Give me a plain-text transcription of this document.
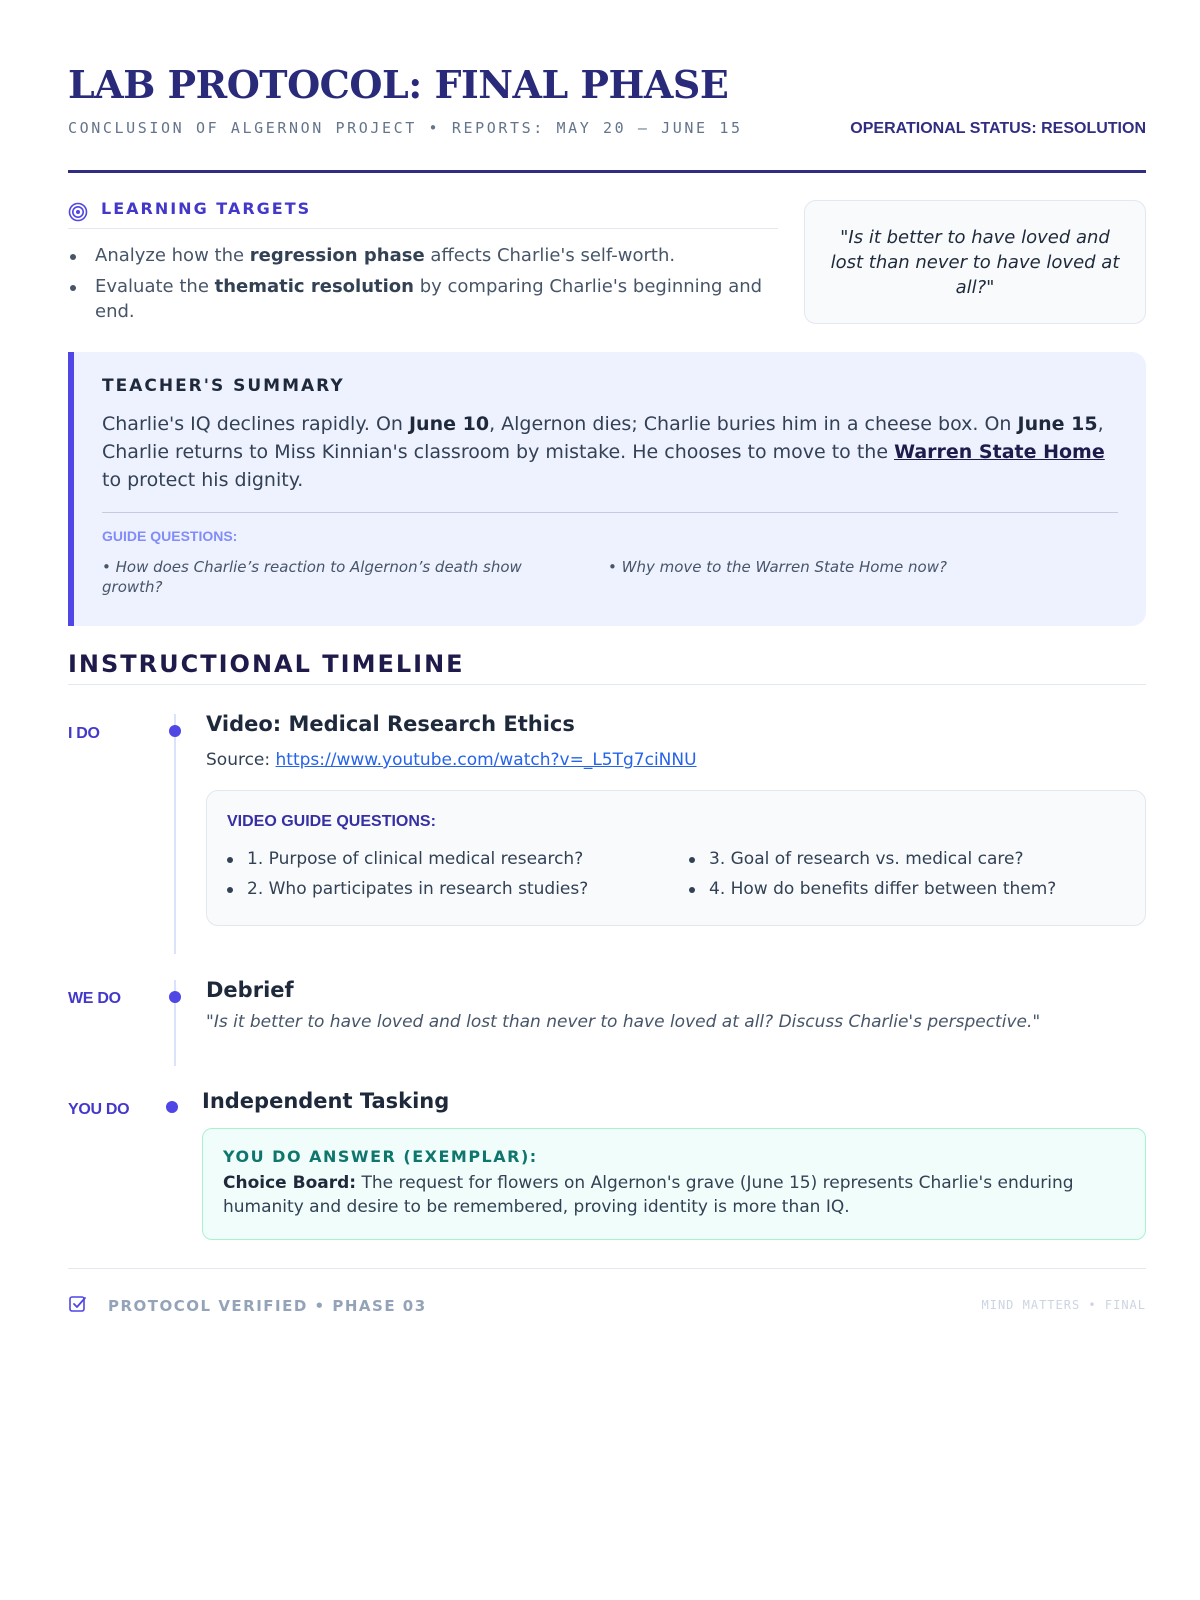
LAB PROTOCOL: FINAL PHASE
CONCLUSION OF ALGERNON PROJECT • REPORTS: MAY 20 – JUNE 15	OPERATIONAL STATUS: RESOLUTION
LEARNING TARGETS
Analyze how the regression phase affects Charlie's self-worth.
Evaluate the thematic resolution by comparing Charlie's beginning and end.
"Is it better to have loved and lost than never to have loved at all?"
TEACHER'S SUMMARY

Charlie's IQ declines rapidly. On June 10, Algernon dies; Charlie buries him in a cheese box. On June 15, Charlie returns to Miss Kinnian's classroom by mistake. He chooses to move to the Warren State Home to protect his dignity.

GUIDE QUESTIONS:
• How does Charlie’s reaction to Algernon’s death show growth?
• Why move to the Warren State Home now?
INSTRUCTIONAL TIMELINE
I DO	Video: Medical Research Ethics
Source: https://www.youtube.com/watch?v=_L5Tg7ciNNU
VIDEO GUIDE QUESTIONS:
1. Purpose of clinical medical research?
2. Who participates in research studies?
3. Goal of research vs. medical care?
4. How do benefits differ between them?
WE DO	Debrief
"Is it better to have loved and lost than never to have loved at all? Discuss Charlie's perspective."
YOU DO	Independent Tasking
YOU DO ANSWER (EXEMPLAR):

Choice Board: The request for flowers on Algernon's grave (June 15) represents Charlie's enduring humanity and desire to be remembered, proving identity is more than IQ.

PROTOCOL VERIFIED • PHASE 03	MIND MATTERS • FINAL
